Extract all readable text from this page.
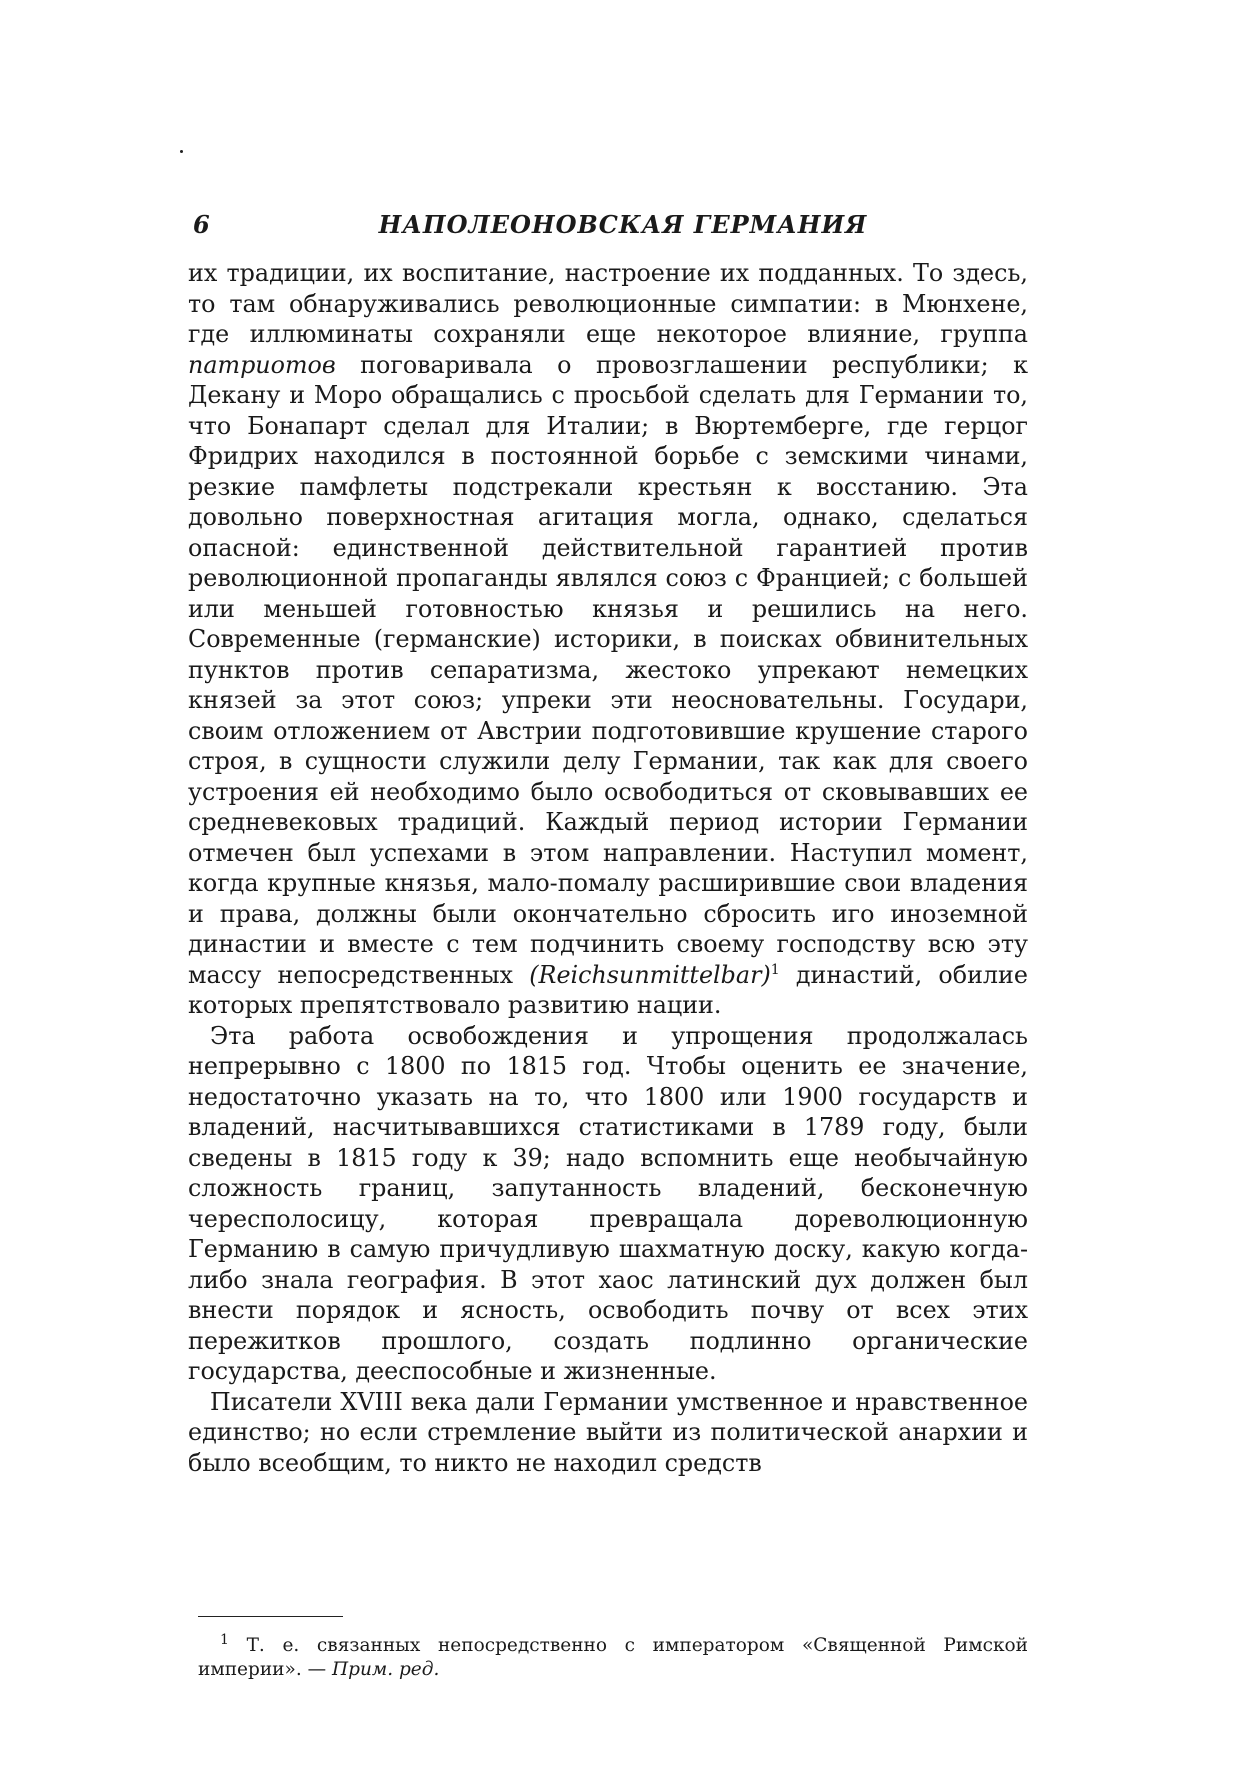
6	НАПОЛЕОНОВСКАЯ ГЕРМАНИЯ

их традиции, их воспитание, настроение их подданных. То здесь, то там обнаруживались революционные симпатии: в Мюнхене, где иллюминаты сохраняли еще некоторое влияние, группа патриотов поговаривала о провозглашении республики; к Декану и Моро обращались с просьбой сделать для Германии то, что Бонапарт сделал для Италии; в Вюртемберге, где герцог Фридрих находился в постоянной борьбе с земскими чинами, резкие памфлеты подстрекали крестьян к восстанию. Эта довольно поверхностная агитация могла, однако, сделаться опасной: единственной действительной гарантией против революционной пропаганды являлся союз с Францией; с большей или меньшей готовностью князья и решились на него. Современные (германские) историки, в поисках обвинительных пунктов против сепаратизма, жестоко упрекают немецких князей за этот союз; упреки эти неосновательны. Государи, своим отложением от Австрии подготовившие крушение старого строя, в сущности служили делу Германии, так как для своего устроения ей необходимо было освободиться от сковывавших ее средневековых традиций. Каждый период истории Германии отмечен был успехами в этом направлении. Наступил момент, когда крупные князья, мало-помалу расширившие свои владения и права, должны были окончательно сбросить иго иноземной династии и вместе с тем подчинить своему господству всю эту массу непосредственных (Reichsunmittelbar)$^1$ династий, обилие которых препятствовало развитию нации.

Эта работа освобождения и упрощения продолжалась непрерывно с 1800 по 1815 год. Чтобы оценить ее значение, недостаточно указать на то, что 1800 или 1900 государств и владений, насчитывавшихся статистиками в 1789 году, были сведены в 1815 году к 39; надо вспомнить еще необычайную сложность границ, запутанность владений, бесконечную чересполосицу, которая превращала дореволюционную Германию в самую причудливую шахматную доску, какую когда-либо знала география. В этот хаос латинский дух должен был внести порядок и ясность, освободить почву от всех этих пережитков прошлого, создать подлинно органические государства, дееспособные и жизненные.

Писатели XVIII века дали Германии умственное и нравственное единство; но если стремление выйти из политической анархии и было всеобщим, то никто не находил средств

$^1$ Т. е. связанных непосредственно с императором «Священной Римской империи». — Прим. ред.
